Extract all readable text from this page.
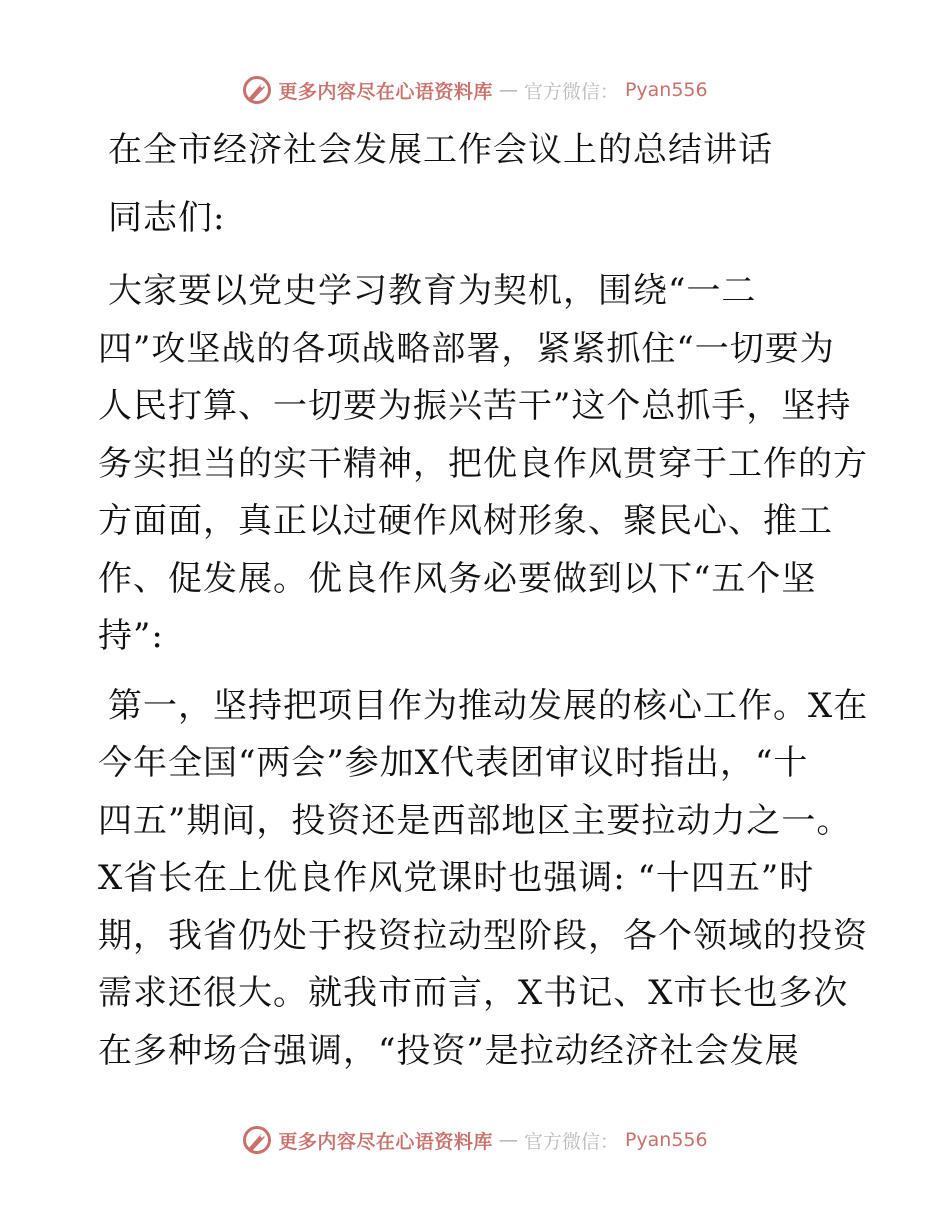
更多内容尽在心语资料库 — 官方微信： Pyan556
在全市经济社会发展工作会议上的总结讲话

同志们:

大家要以党史学习教育为契机，围绕“一二
四”攻坚战的各项战略部署，紧紧抓住“一切要为
人民打算、一切要为振兴苦干”这个总抓手，坚持
务实担当的实干精神，把优良作风贯穿于工作的方
方面面，真正以过硬作风树形象、聚民心、推工
作、促发展。优良作风务必要做到以下“五个坚
持”:

第一，坚持把项目作为推动发展的核心工作。X在
今年全国“两会”参加X代表团审议时指出，“十
四五”期间，投资还是西部地区主要拉动力之一。
X省长在上优良作风党课时也强调: “十四五”时
期，我省仍处于投资拉动型阶段，各个领域的投资
需求还很大。就我市而言，X书记、X市长也多次
在多种场合强调，“投资”是拉动经济社会发展

更多内容尽在心语资料库 — 官方微信： Pyan556
